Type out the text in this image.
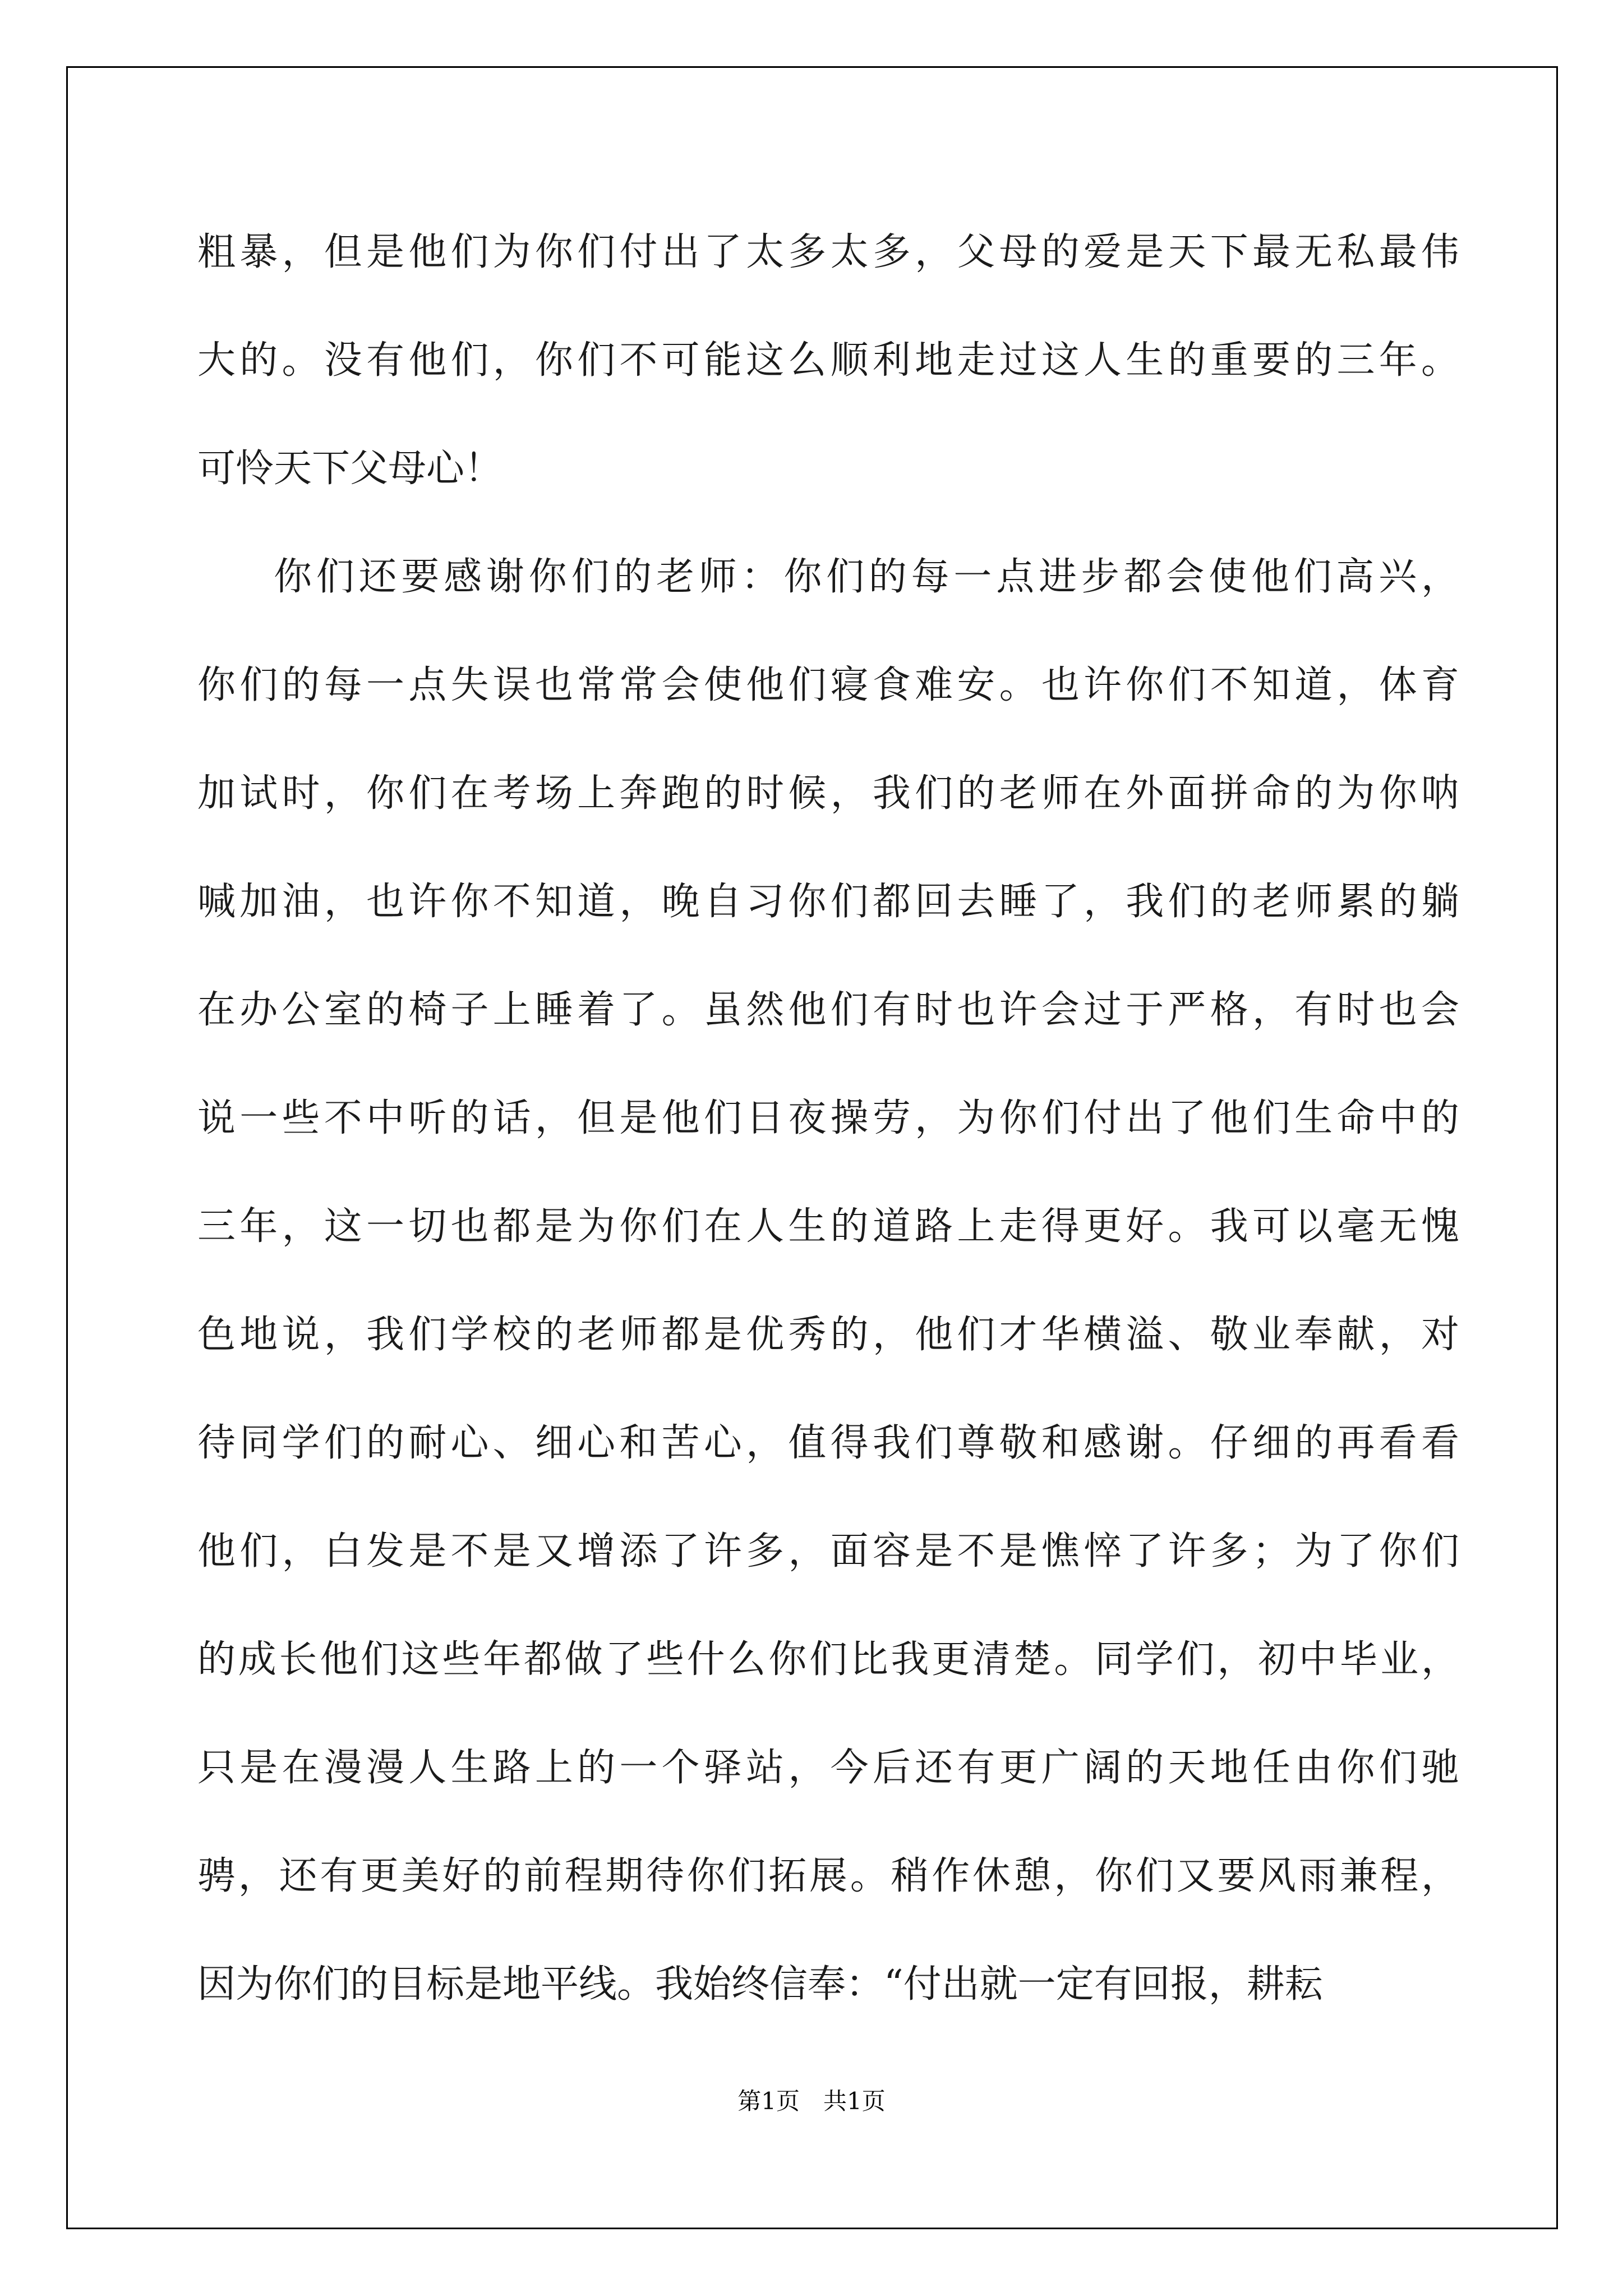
粗暴，但是他们为你们付出了太多太多，父母的爱是天下最无私最伟
大的。没有他们，你们不可能这么顺利地走过这人生的重要的三年。
可怜天下父母心！
你们还要感谢你们的老师：你们的每一点进步都会使他们高兴，
你们的每一点失误也常常会使他们寝食难安。也许你们不知道，体育
加试时，你们在考场上奔跑的时候，我们的老师在外面拼命的为你呐
喊加油，也许你不知道，晚自习你们都回去睡了，我们的老师累的躺
在办公室的椅子上睡着了。虽然他们有时也许会过于严格，有时也会
说一些不中听的话，但是他们日夜操劳，为你们付出了他们生命中的
三年，这一切也都是为你们在人生的道路上走得更好。我可以毫无愧
色地说，我们学校的老师都是优秀的，他们才华横溢、敬业奉献，对
待同学们的耐心、细心和苦心，值得我们尊敬和感谢。仔细的再看看
他们，白发是不是又增添了许多，面容是不是憔悴了许多；为了你们
的成长他们这些年都做了些什么你们比我更清楚。同学们，初中毕业，
只是在漫漫人生路上的一个驿站，今后还有更广阔的天地任由你们驰
骋，还有更美好的前程期待你们拓展。稍作休憩，你们又要风雨兼程，
因为你们的目标是地平线。我始终信奉：“付出就一定有回报，耕耘
第1页　共1页
